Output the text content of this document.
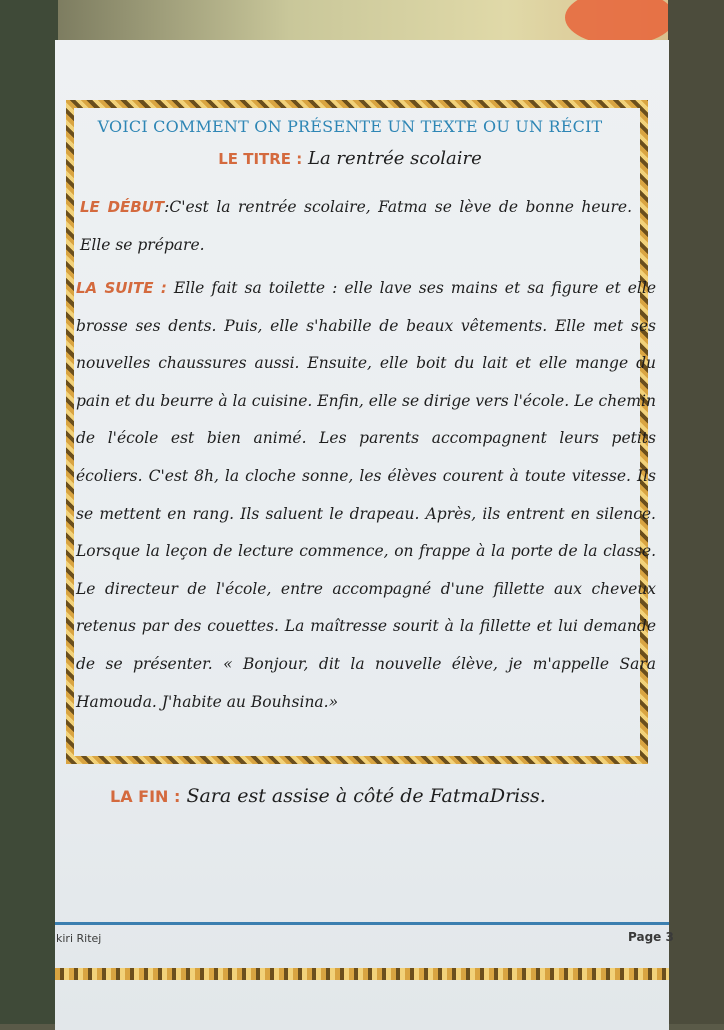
VOICI COMMENT ON PRÉSENTE UN TEXTE OU UN RÉCIT
LE TITRE : La rentrée scolaire
LE DÉBUT:C'est la rentrée scolaire, Fatma se lève de bonne heure. Elle se prépare.
LA SUITE : Elle fait sa toilette : elle lave ses mains et sa figure et elle brosse ses dents. Puis, elle s'habille de beaux vêtements. Elle met ses nouvelles chaussures aussi. Ensuite, elle boit du lait et elle mange du pain et du beurre à la cuisine. Enfin, elle se dirige vers l'école. Le chemin de l'école est bien animé. Les parents accompagnent leurs petits écoliers. C'est 8h, la cloche sonne, les élèves courent à toute vitesse. Ils se mettent en rang. Ils saluent le drapeau. Après, ils entrent en silence. Lorsque la leçon de lecture commence, on frappe à la porte de la classe. Le directeur de l'école, entre accompagné d'une fillette aux cheveux retenus par des couettes. La maîtresse sourit à la fillette et lui demande de se présenter. « Bonjour, dit la nouvelle élève, je m'appelle Sara Hamouda. J'habite au Bouhsina.»
LA FIN : Sara est assise à côté de FatmaDriss.
kiri Ritej	Page 3
